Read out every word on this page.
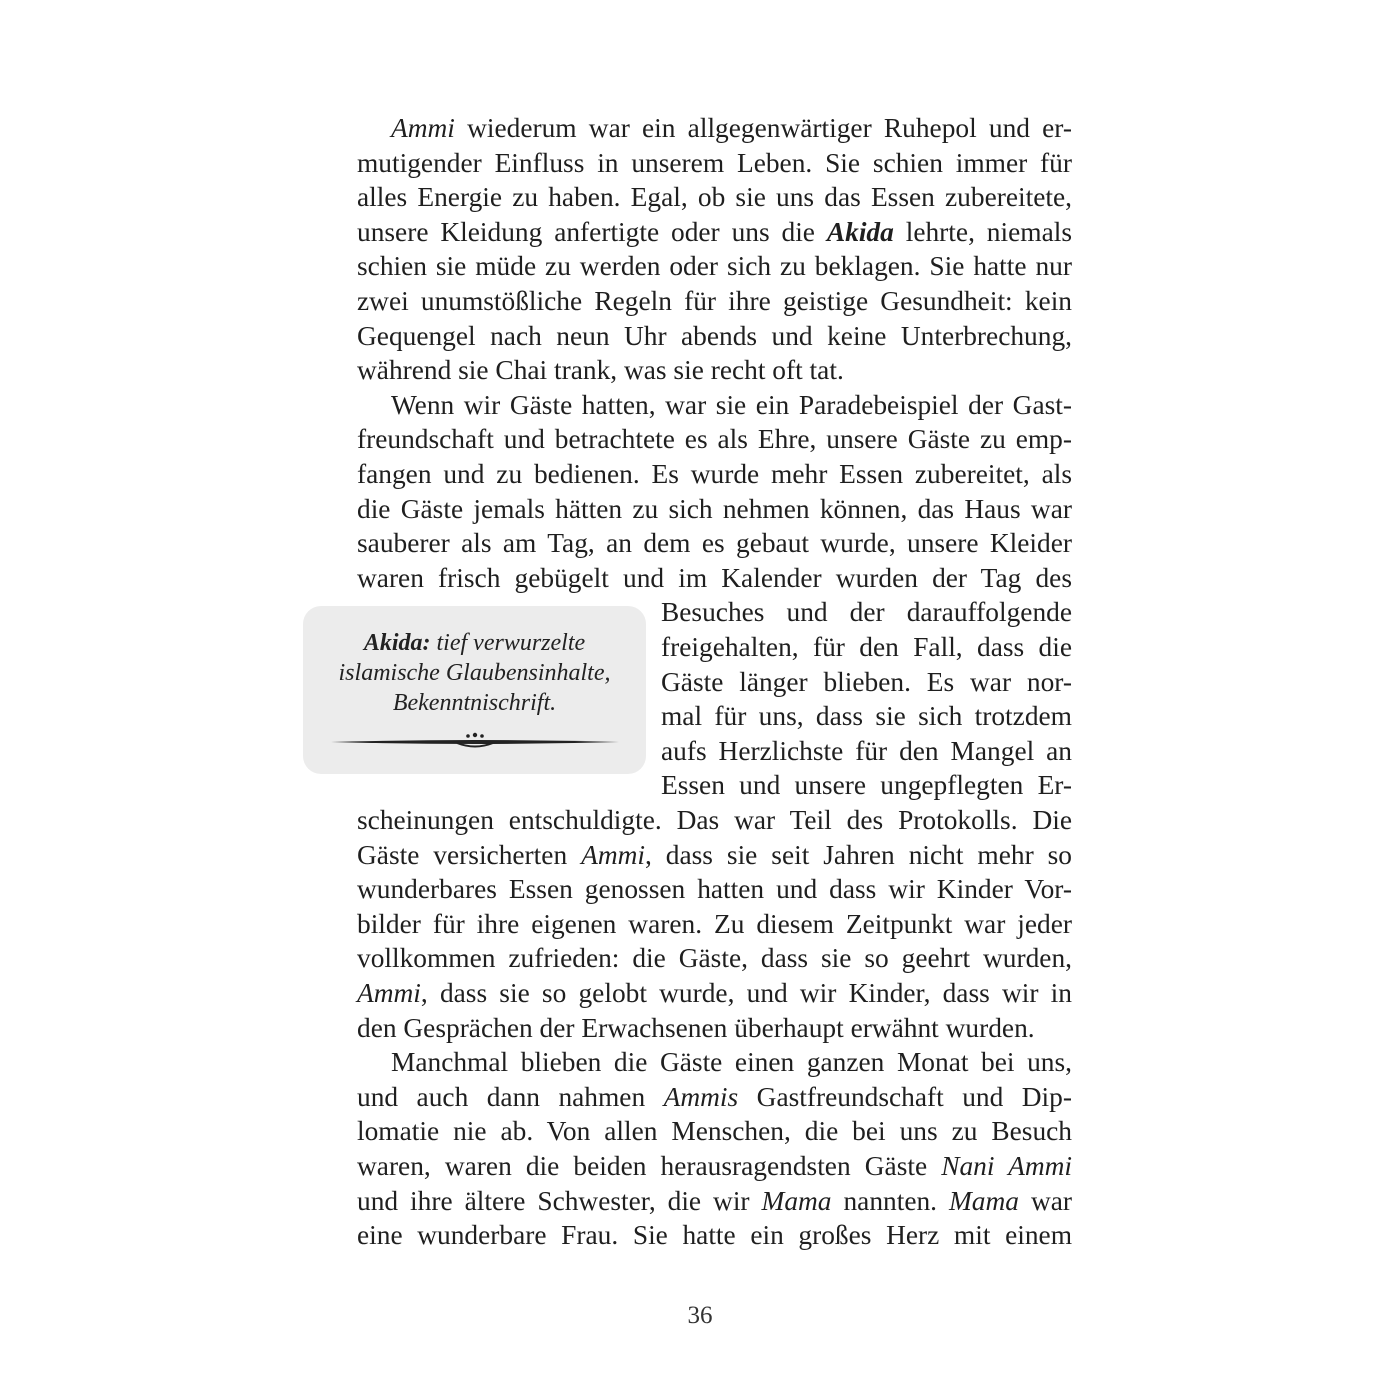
Ammi wiederum war ein allgegenwärtiger Ruhepol und er-
mutigender Einfluss in unserem Leben. Sie schien immer für
alles Energie zu haben. Egal, ob sie uns das Essen zubereitete,
unsere Kleidung anfertigte oder uns die Akida lehrte, niemals
schien sie müde zu werden oder sich zu beklagen. Sie hatte nur
zwei unumstößliche Regeln für ihre geistige Gesundheit: kein
Gequengel nach neun Uhr abends und keine Unterbrechung,
während sie Chai trank, was sie recht oft tat.
Wenn wir Gäste hatten, war sie ein Paradebeispiel der Gast-
freundschaft und betrachtete es als Ehre, unsere Gäste zu emp-
fangen und zu bedienen. Es wurde mehr Essen zubereitet, als
die Gäste jemals hätten zu sich nehmen können, das Haus war
sauberer als am Tag, an dem es gebaut wurde, unsere Kleider
waren frisch gebügelt und im Kalender wurden der Tag des
Besuches und der darauffolgende
freigehalten, für den Fall, dass die
Gäste länger blieben. Es war nor-
mal für uns, dass sie sich trotzdem
aufs Herzlichste für den Mangel an
Essen und unsere ungepflegten Er-
scheinungen entschuldigte. Das war Teil des Protokolls. Die
Gäste versicherten Ammi, dass sie seit Jahren nicht mehr so
wunderbares Essen genossen hatten und dass wir Kinder Vor-
bilder für ihre eigenen waren. Zu diesem Zeitpunkt war jeder
vollkommen zufrieden: die Gäste, dass sie so geehrt wurden,
Ammi, dass sie so gelobt wurde, und wir Kinder, dass wir in
den Gesprächen der Erwachsenen überhaupt erwähnt wurden.
Manchmal blieben die Gäste einen ganzen Monat bei uns,
und auch dann nahmen Ammis Gastfreundschaft und Dip-
lomatie nie ab. Von allen Menschen, die bei uns zu Besuch
waren, waren die beiden herausragendsten Gäste Nani Ammi
und ihre ältere Schwester, die wir Mama nannten. Mama war
eine wunderbare Frau. Sie hatte ein großes Herz mit einem
Akida: tief verwurzelte
islamische Glaubensinhalte,
Bekenntnischrift.
36
